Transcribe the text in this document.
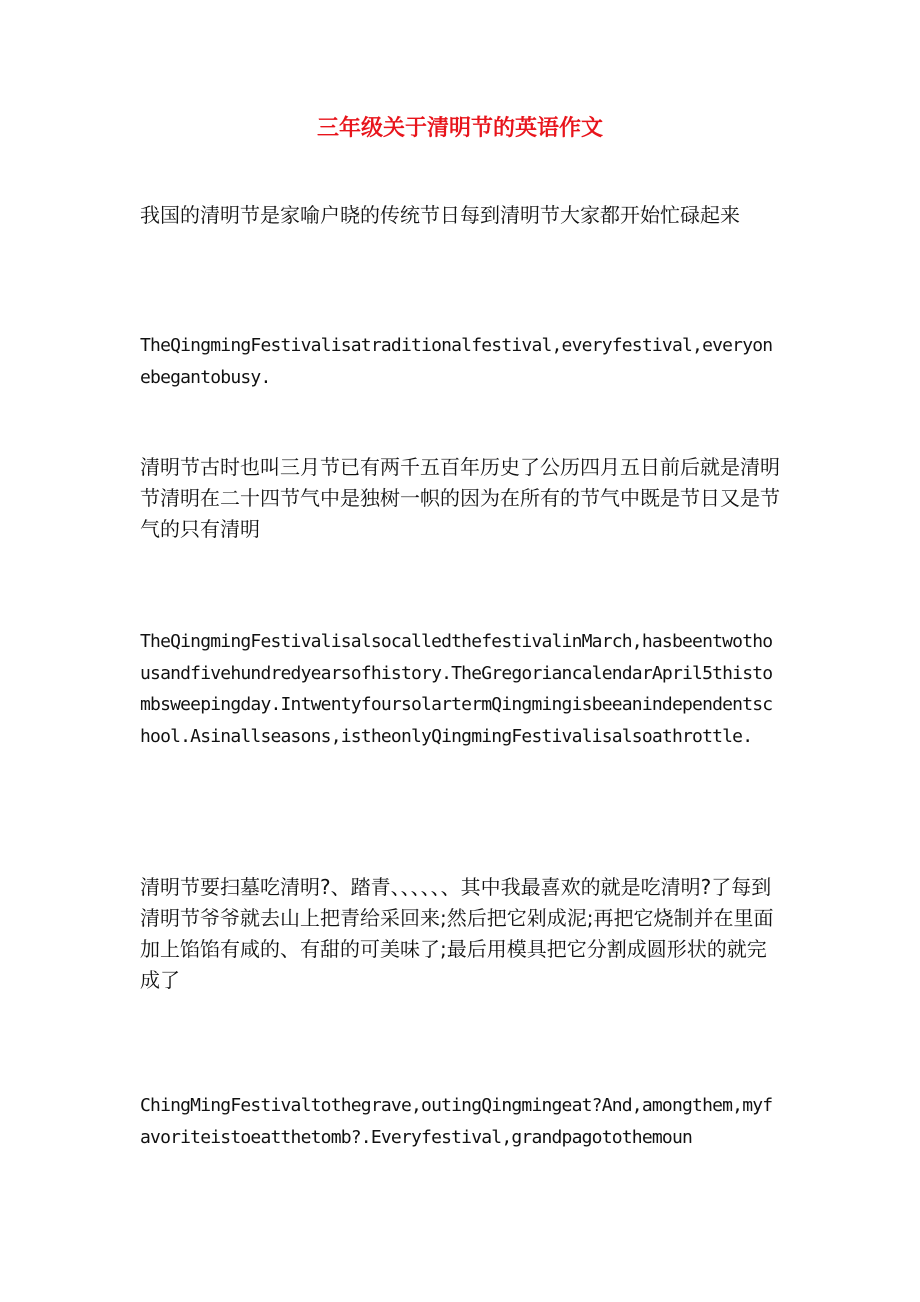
三年级关于清明节的英语作文

我国的清明节是家喻户晓的传统节日每到清明节大家都开始忙碌起来

TheQingmingFestivalisatraditionalfestival,everyfestival,everyonebegantobusy.

清明节古时也叫三月节已有两千五百年历史了公历四月五日前后就是清明节清明在二十四节气中是独树一帜的因为在所有的节气中既是节日又是节气的只有清明

TheQingmingFestivalisalsocalledthefestivalinMarch,hasbeentwothousandfivehundredyearsofhistory.TheGregoriancalendarApril5thistombsweepingday.IntwentyfoursolartermQingmingisbeeanindependentschool.Asinallseasons,istheonlyQingmingFestivalisalsoathrottle.

清明节要扫墓吃清明?、踏青、、、、、、其中我最喜欢的就是吃清明?了每到清明节爷爷就去山上把青给采回来;然后把它剁成泥;再把它烧制并在里面加上馅馅有咸的、有甜的可美味了;最后用模具把它分割成圆形状的就完成了

ChingMingFestivaltothegrave,outingQingmingeat?And,amongthem,myfavoriteistoeatthetomb?.Everyfestival,grandpagotothemoun
